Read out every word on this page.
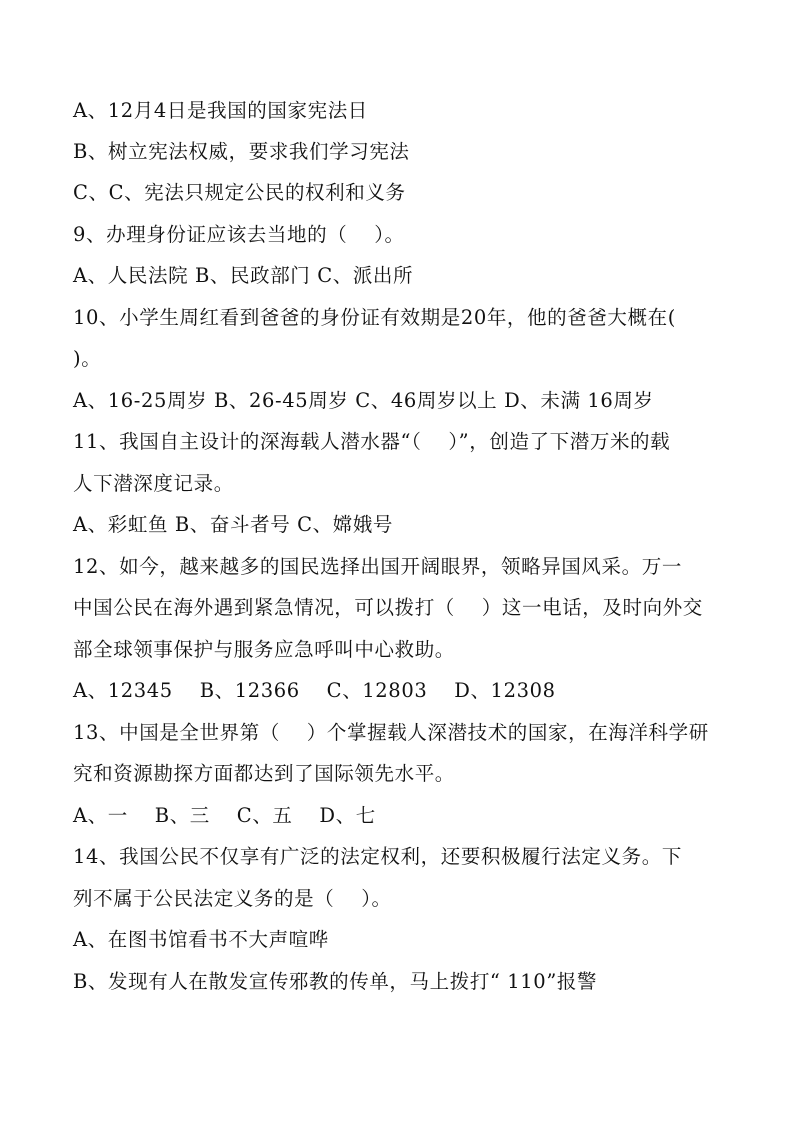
A、12月4日是我国的国家宪法日
B、树立宪法权威，要求我们学习宪法
C、C、宪法只规定公民的权利和义务
9、办理身份证应该去当地的（　 ）。
A、人民法院 B、民政部门 C、派出所
10、小学生周红看到爸爸的身份证有效期是20年，他的爸爸大概在(
)。
A、16-25周岁 B、26-45周岁 C、46周岁以上 D、未满 16周岁
11、我国自主设计的深海载人潜水器“（　 ）”，创造了下潜万米的载
人下潜深度记录。
A、彩虹鱼 B、奋斗者号 C、嫦娥号
12、如今，越来越多的国民选择出国开阔眼界，领略异国风采。万一
中国公民在海外遇到紧急情况，可以拨打（　 ）这一电话，及时向外交
部全球领事保护与服务应急呼叫中心救助。
A、12345　 B、12366　 C、12803　 D、12308
13、中国是全世界第（　 ）个掌握载人深潜技术的国家，在海洋科学研
究和资源勘探方面都达到了国际领先水平。
A、一　 B、三　 C、五　 D、七
14、我国公民不仅享有广泛的法定权利，还要积极履行法定义务。下
列不属于公民法定义务的是（　 ）。
A、在图书馆看书不大声喧哗
B、发现有人在散发宣传邪教的传单，马上拨打“ 110”报警
